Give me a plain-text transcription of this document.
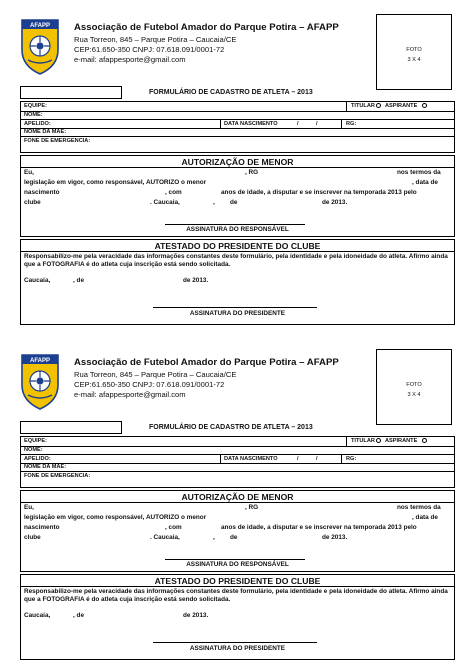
AFAPP Associação de Futebol Amador do Parque Potira – AFAPP
Rua Torreon, 845 – Parque Potira – Caucaia/CE
CEP:61.650-350 CNPJ: 07.618.091/0001-72
e-mail: afappesporte@gmail.com
FOTO
3 X 4
FORMULÁRIO DE CADASTRO DE ATLETA – 2013
EQUIPE:	TITULAR ASPIRANTE
NOME:
APELIDO:	DATA NASCIMENTO	/	/	RG:
NOME DA MÃE:
FONE DE EMERGENCIA:
AUTORIZAÇÃO DE MENOR
Eu,	, RG	nos termos da
legislação em vigor, como responsável, AUTORIZO o menor	, data de
nascimento	, com	anos de idade, a disputar e se inscrever na temporada 2013 pelo
clube	. Caucaia,	, de	de 2013.
ASSINATURA DO RESPONSÁVEL
ATESTADO DO PRESIDENTE DO CLUBE
Responsabilizo-me pela veracidade das informações constantes deste formulário, pela identidade e pela idoneidade do atleta. Afirmo ainda que a FOTOGRAFIA é do atleta cuja inscrição está sendo solicitada.
Caucaia,	, de	de 2013.
ASSINATURA DO PRESIDENTE
AFAPP Associação de Futebol Amador do Parque Potira – AFAPP
Rua Torreon, 845 – Parque Potira – Caucaia/CE
CEP:61.650-350 CNPJ: 07.618.091/0001-72
e-mail: afappesporte@gmail.com
FOTO
3 X 4
FORMULÁRIO DE CADASTRO DE ATLETA – 2013
EQUIPE:	TITULAR ASPIRANTE
NOME:
APELIDO:	DATA NASCIMENTO	/	/	RG:
NOME DA MÃE:
FONE DE EMERGENCIA:
AUTORIZAÇÃO DE MENOR
Eu,	, RG	nos termos da
legislação em vigor, como responsável, AUTORIZO o menor	, data de
nascimento	, com	anos de idade, a disputar e se inscrever na temporada 2013 pelo
clube	. Caucaia,	, de	de 2013.
ASSINATURA DO RESPONSÁVEL
ATESTADO DO PRESIDENTE DO CLUBE
Responsabilizo-me pela veracidade das informações constantes deste formulário, pela identidade e pela idoneidade do atleta. Afirmo ainda que a FOTOGRAFIA é do atleta cuja inscrição está sendo solicitada.
Caucaia,	, de	de 2013.
ASSINATURA DO PRESIDENTE
